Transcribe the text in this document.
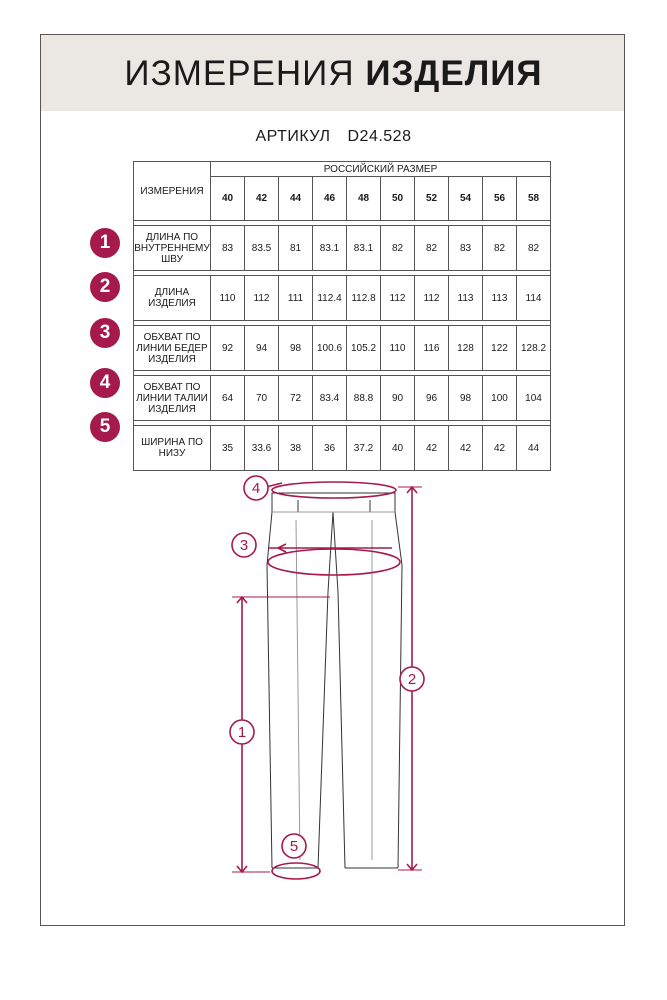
ИЗМЕРЕНИЯ ИЗДЕЛИЯ
АРТИКУЛ D24.528
ИЗМЕРЕНИЯ	РОССИЙСКИЙ РАЗМЕР									
	40	42	44	46	48	50	52	54	56	58

ДЛИНА ПО ВНУТРЕННЕМУ ШВУ	83	83.5	81	83.1	83.1	82	82	83	82	82

ДЛИНА ИЗДЕЛИЯ	110	112	111	112.4	112.8	112	112	113	113	114

ОБХВАТ ПО ЛИНИИ БЕДЕР ИЗДЕЛИЯ	92	94	98	100.6	105.2	110	116	128	122	128.2

ОБХВАТ ПО ЛИНИИ ТАЛИИ ИЗДЕЛИЯ	64	70	72	83.4	88.8	90	96	98	100	104

ШИРИНА ПО НИЗУ	35	33.6	38	36	37.2	40	42	42	42	44
1
2
3
4
5
4
3
2
1
5
